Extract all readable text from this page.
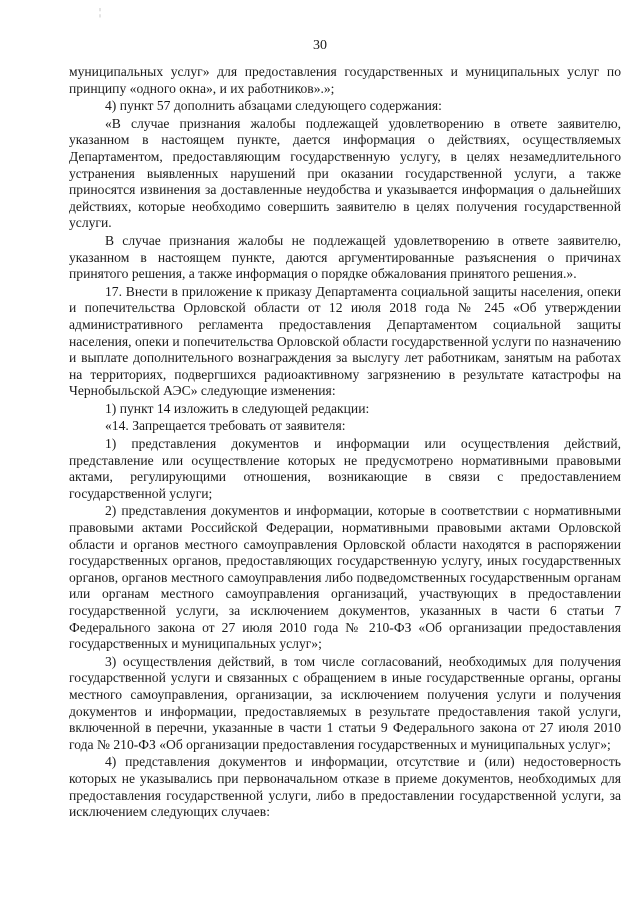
¦
30

муниципальных услуг» для предоставления государственных и муниципальных услуг по принципу «одного окна», и их работников».»;

4) пункт 57 дополнить абзацами следующего содержания:

«В случае признания жалобы подлежащей удовлетворению в ответе заявителю, указанном в настоящем пункте, дается информация о действиях, осуществляемых Департаментом, предоставляющим государственную услугу, в целях незамедлительного устранения выявленных нарушений при оказании государственной услуги, а также приносятся извинения за доставленные неудобства и указывается информация о дальнейших действиях, которые необходимо совершить заявителю в целях получения государственной услуги.

В случае признания жалобы не подлежащей удовлетворению в ответе заявителю, указанном в настоящем пункте, даются аргументированные разъяснения о причинах принятого решения, а также информация о порядке обжалования принятого решения.».

17. Внести в приложение к приказу Департамента социальной защиты населения, опеки и попечительства Орловской области от 12 июля 2018 года № 245 «Об утверждении административного регламента предоставления Департаментом социальной защиты населения, опеки и попечительства Орловской области государственной услуги по назначению и выплате дополнительного вознаграждения за выслугу лет работникам, занятым на работах на территориях, подвергшихся радиоактивному загрязнению в результате катастрофы на Чернобыльской АЭС» следующие изменения:

1) пункт 14 изложить в следующей редакции:

«14. Запрещается требовать от заявителя:

1) представления документов и информации или осуществления действий, представление или осуществление которых не предусмотрено нормативными правовыми актами, регулирующими отношения, возникающие в связи с предоставлением государственной услуги;

2) представления документов и информации, которые в соответствии с нормативными правовыми актами Российской Федерации, нормативными правовыми актами Орловской области и органов местного самоуправления Орловской области находятся в распоряжении государственных органов, предоставляющих государственную услугу, иных государственных органов, органов местного самоуправления либо подведомственных государственным органам или органам местного самоуправления организаций, участвующих в предоставлении государственной услуги, за исключением документов, указанных в части 6 статьи 7 Федерального закона от 27 июля 2010 года № 210-ФЗ «Об организации предоставления государственных и муниципальных услуг»;

3) осуществления действий, в том числе согласований, необходимых для получения государственной услуги и связанных с обращением в иные государственные органы, органы местного самоуправления, организации, за исключением получения услуги и получения документов и информации, предоставляемых в результате предоставления такой услуги, включенной в перечни, указанные в части 1 статьи 9 Федерального закона от 27 июля 2010 года № 210-ФЗ «Об организации предоставления государственных и муниципальных услуг»;

4) представления документов и информации, отсутствие и (или) недостоверность которых не указывались при первоначальном отказе в приеме документов, необходимых для предоставления государственной услуги, либо в предоставлении государственной услуги, за исключением следующих случаев:
